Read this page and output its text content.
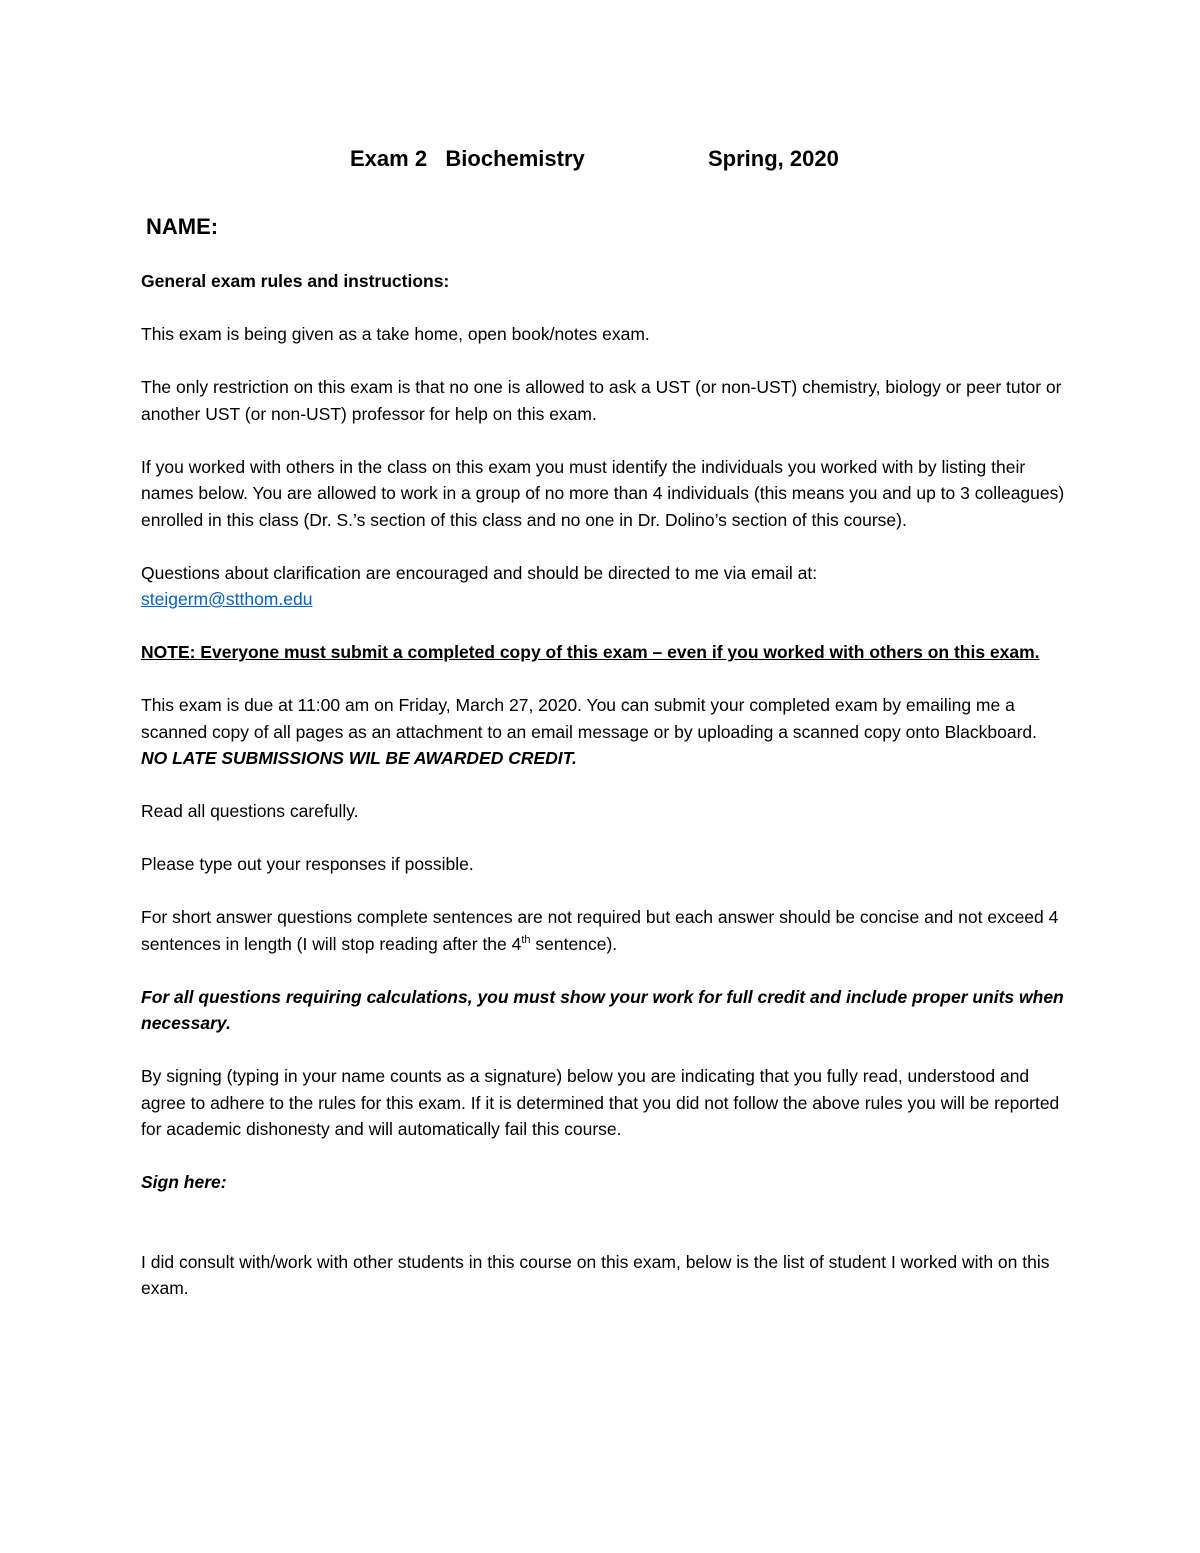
Exam 2   Biochemistry	Spring, 2020
NAME:

General exam rules and instructions:

This exam is being given as a take home, open book/notes exam.

The only restriction on this exam is that no one is allowed to ask a UST (or non-UST) chemistry, biology or peer tutor or another UST (or non-UST) professor for help on this exam.

If you worked with others in the class on this exam you must identify the individuals you worked with by listing their names below. You are allowed to work in a group of no more than 4 individuals (this means you and up to 3 colleagues) enrolled in this class (Dr. S.’s section of this class and no one in Dr. Dolino’s section of this course).

Questions about clarification are encouraged and should be directed to me via email at:
steigerm@stthom.edu

NOTE: Everyone must submit a completed copy of this exam – even if you worked with others on this exam.

This exam is due at 11:00 am on Friday, March 27, 2020. You can submit your completed exam by emailing me a scanned copy of all pages as an attachment to an email message or by uploading a scanned copy onto Blackboard.
NO LATE SUBMISSIONS WIL BE AWARDED CREDIT.

Read all questions carefully.

Please type out your responses if possible.

For short answer questions complete sentences are not required but each answer should be concise and not exceed 4 sentences in length (I will stop reading after the 4th sentence).

For all questions requiring calculations, you must show your work for full credit and include proper units when necessary.

By signing (typing in your name counts as a signature) below you are indicating that you fully read, understood and agree to adhere to the rules for this exam. If it is determined that you did not follow the above rules you will be reported for academic dishonesty and will automatically fail this course.

Sign here:

I did consult with/work with other students in this course on this exam, below is the list of student I worked with on this exam.
